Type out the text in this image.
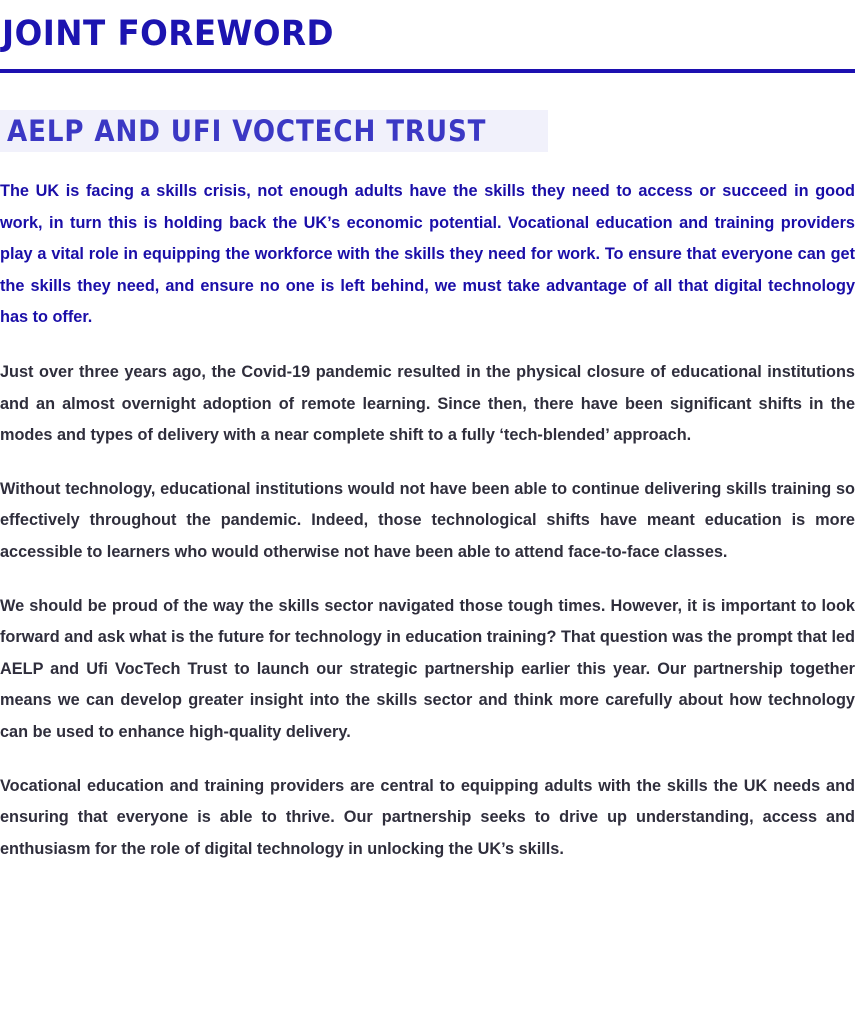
JOINT FOREWORD
AELP AND UFI VOCTECH TRUST

The UK is facing a skills crisis, not enough adults have the skills they need to access or succeed in good work, in turn this is holding back the UK’s economic potential. Vocational education and training providers play a vital role in equipping the workforce with the skills they need for work. To ensure that everyone can get the skills they need, and ensure no one is left behind, we must take advantage of all that digital technology has to offer.

Just over three years ago, the Covid-19 pandemic resulted in the physical closure of educational institutions and an almost overnight adoption of remote learning. Since then, there have been significant shifts in the modes and types of delivery with a near complete shift to a fully ‘tech-blended’ approach.

Without technology, educational institutions would not have been able to continue delivering skills training so effectively throughout the pandemic. Indeed, those technological shifts have meant education is more accessible to learners who would otherwise not have been able to attend face-to-face classes.

We should be proud of the way the skills sector navigated those tough times. However, it is important to look forward and ask what is the future for technology in education training? That question was the prompt that led AELP and Ufi VocTech Trust to launch our strategic partnership earlier this year. Our partnership together means we can develop greater insight into the skills sector and think more carefully about how technology can be used to enhance high-quality delivery.

Vocational education and training providers are central to equipping adults with the skills the UK needs and ensuring that everyone is able to thrive. Our partnership seeks to drive up understanding, access and enthusiasm for the role of digital technology in unlocking the UK’s skills.
